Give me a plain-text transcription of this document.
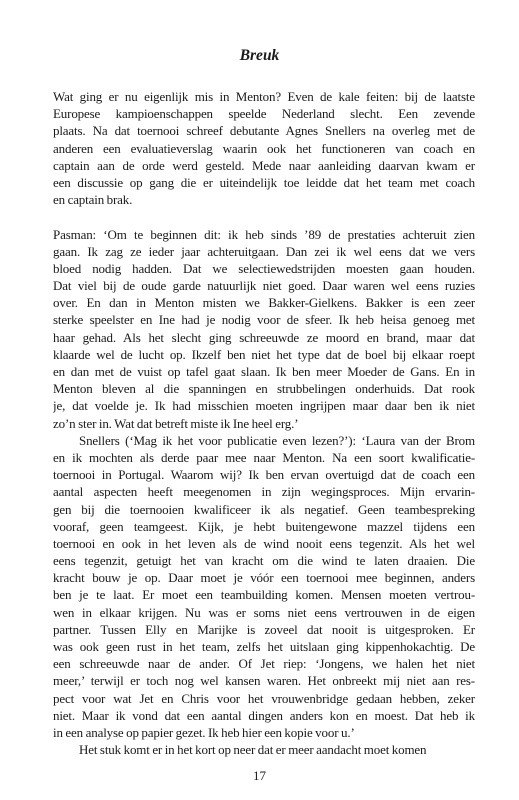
Breuk
Wat ging er nu eigenlijk mis in Menton? Even de kale feiten: bij de laatste
Europese kampioenschappen speelde Nederland slecht. Een zevende
plaats. Na dat toernooi schreef debutante Agnes Snellers na overleg met de
anderen een evaluatieverslag waarin ook het functioneren van coach en
captain aan de orde werd gesteld. Mede naar aanleiding daarvan kwam er
een discussie op gang die er uiteindelijk toe leidde dat het team met coach
en captain brak.
Pasman: ‘Om te beginnen dit: ik heb sinds ’89 de prestaties achteruit zien
gaan. Ik zag ze ieder jaar achteruitgaan. Dan zei ik wel eens dat we vers
bloed nodig hadden. Dat we selectiewedstrijden moesten gaan houden.
Dat viel bij de oude garde natuurlijk niet goed. Daar waren wel eens ruzies
over. En dan in Menton misten we Bakker-Gielkens. Bakker is een zeer
sterke speelster en Ine had je nodig voor de sfeer. Ik heb heisa genoeg met
haar gehad. Als het slecht ging schreeuwde ze moord en brand, maar dat
klaarde wel de lucht op. Ikzelf ben niet het type dat de boel bij elkaar roept
en dan met de vuist op tafel gaat slaan. Ik ben meer Moeder de Gans. En in
Menton bleven al die spanningen en strubbelingen onderhuids. Dat rook
je, dat voelde je. Ik had misschien moeten ingrijpen maar daar ben ik niet
zo’n ster in. Wat dat betreft miste ik Ine heel erg.’
Snellers (‘Mag ik het voor publicatie even lezen?’): ‘Laura van der Brom
en ik mochten als derde paar mee naar Menton. Na een soort kwalificatie-
toernooi in Portugal. Waarom wij? Ik ben ervan overtuigd dat de coach een
aantal aspecten heeft meegenomen in zijn wegingsproces. Mijn ervarin-
gen bij die toernooien kwalificeer ik als negatief. Geen teambespreking
vooraf, geen teamgeest. Kijk, je hebt buitengewone mazzel tijdens een
toernooi en ook in het leven als de wind nooit eens tegenzit. Als het wel
eens tegenzit, getuigt het van kracht om die wind te laten draaien. Die
kracht bouw je op. Daar moet je vóór een toernooi mee beginnen, anders
ben je te laat. Er moet een teambuilding komen. Mensen moeten vertrou-
wen in elkaar krijgen. Nu was er soms niet eens vertrouwen in de eigen
partner. Tussen Elly en Marijke is zoveel dat nooit is uitgesproken. Er
was ook geen rust in het team, zelfs het uitslaan ging kippenhokachtig. De
een schreeuwde naar de ander. Of Jet riep: ‘Jongens, we halen het niet
meer,’ terwijl er toch nog wel kansen waren. Het onbreekt mij niet aan res-
pect voor wat Jet en Chris voor het vrouwenbridge gedaan hebben, zeker
niet. Maar ik vond dat een aantal dingen anders kon en moest. Dat heb ik
in een analyse op papier gezet. Ik heb hier een kopie voor u.’
Het stuk komt er in het kort op neer dat er meer aandacht moet komen
17
